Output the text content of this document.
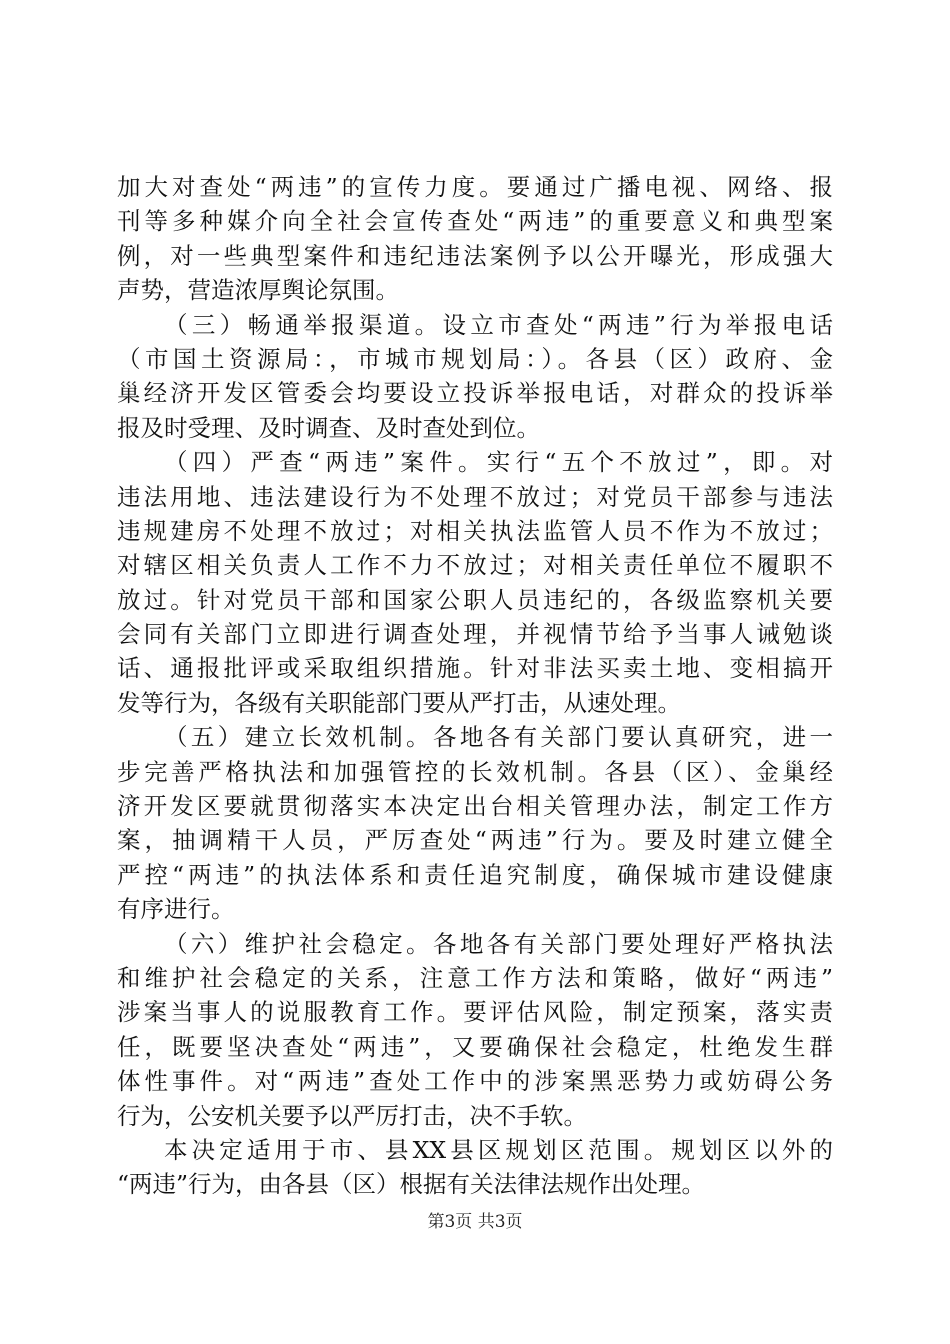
加大对查处“两违”的宣传力度。要通过广播电视、网络、报
刊等多种媒介向全社会宣传查处“两违”的重要意义和典型案
例，对一些典型案件和违纪违法案例予以公开曝光，形成强大
声势，营造浓厚舆论氛围。
（三）畅通举报渠道。设立市查处“两违”行为举报电话
（市国土资源局：，市城市规划局：）。各县（区）政府、金
巢经济开发区管委会均要设立投诉举报电话，对群众的投诉举
报及时受理、及时调查、及时查处到位。
（四）严查“两违”案件。实行“五个不放过”，即。对
违法用地、违法建设行为不处理不放过；对党员干部参与违法
违规建房不处理不放过；对相关执法监管人员不作为不放过；
对辖区相关负责人工作不力不放过；对相关责任单位不履职不
放过。针对党员干部和国家公职人员违纪的，各级监察机关要
会同有关部门立即进行调查处理，并视情节给予当事人诫勉谈
话、通报批评或采取组织措施。针对非法买卖土地、变相搞开
发等行为，各级有关职能部门要从严打击，从速处理。
（五）建立长效机制。各地各有关部门要认真研究，进一
步完善严格执法和加强管控的长效机制。各县（区）、金巢经
济开发区要就贯彻落实本决定出台相关管理办法，制定工作方
案，抽调精干人员，严厉查处“两违”行为。要及时建立健全
严控“两违”的执法体系和责任追究制度，确保城市建设健康
有序进行。
（六）维护社会稳定。各地各有关部门要处理好严格执法
和维护社会稳定的关系，注意工作方法和策略，做好“两违”
涉案当事人的说服教育工作。要评估风险，制定预案，落实责
任，既要坚决查处“两违”，又要确保社会稳定，杜绝发生群
体性事件。对“两违”查处工作中的涉案黑恶势力或妨碍公务
行为，公安机关要予以严厉打击，决不手软。
本决定适用于市、县XX县区规划区范围。规划区以外的
“两违”行为，由各县（区）根据有关法律法规作出处理。
第3页 共3页
